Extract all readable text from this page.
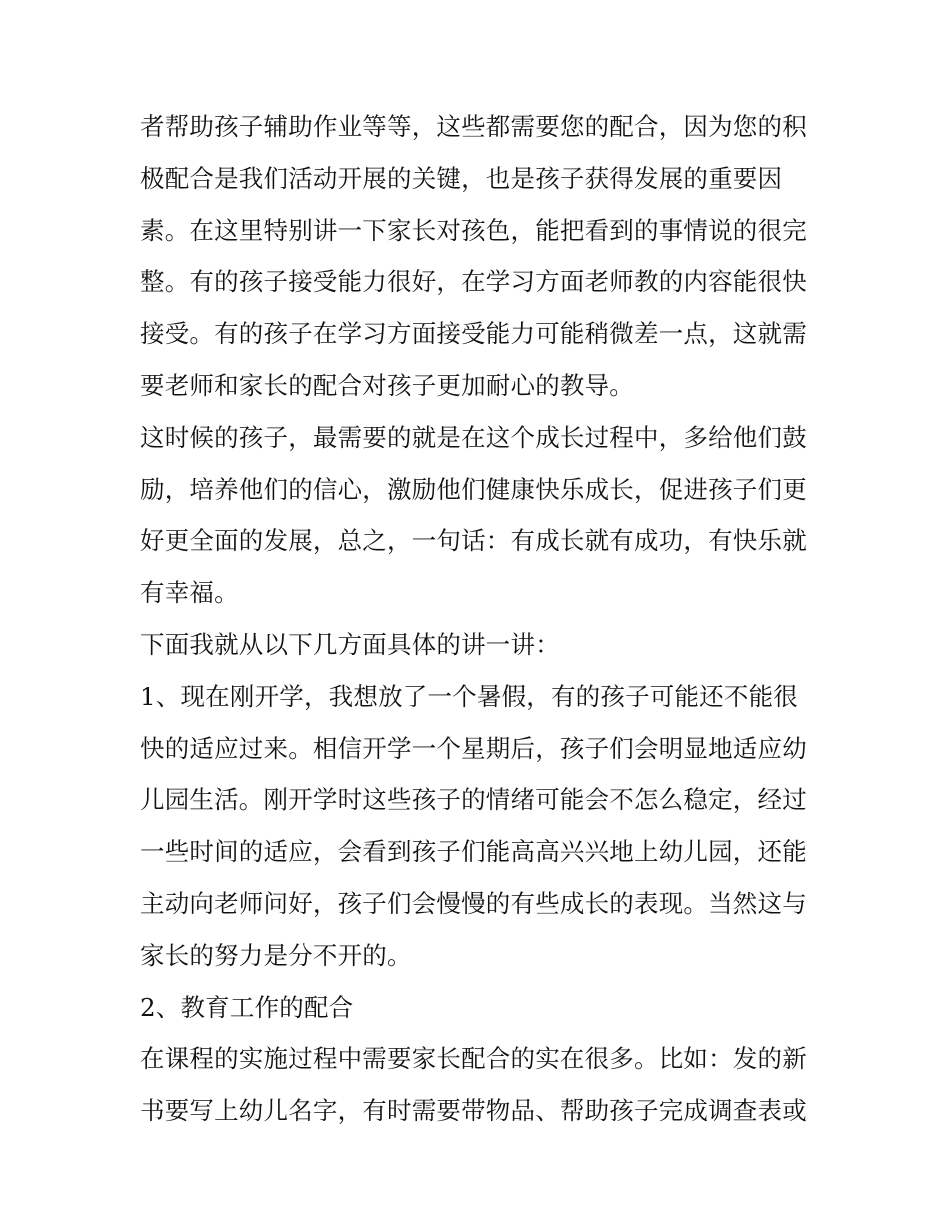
者帮助孩子辅助作业等等，这些都需要您的配合，因为您的积
极配合是我们活动开展的关键，也是孩子获得发展的重要因
素。在这里特别讲一下家长对孩色，能把看到的事情说的很完
整。有的孩子接受能力很好，在学习方面老师教的内容能很快
接受。有的孩子在学习方面接受能力可能稍微差一点，这就需
要老师和家长的配合对孩子更加耐心的教导。
这时候的孩子，最需要的就是在这个成长过程中，多给他们鼓
励，培养他们的信心，激励他们健康快乐成长，促进孩子们更
好更全面的发展，总之，一句话：有成长就有成功，有快乐就
有幸福。
下面我就从以下几方面具体的讲一讲：
1、现在刚开学，我想放了一个暑假，有的孩子可能还不能很
快的适应过来。相信开学一个星期后，孩子们会明显地适应幼
儿园生活。刚开学时这些孩子的情绪可能会不怎么稳定，经过
一些时间的适应，会看到孩子们能高高兴兴地上幼儿园，还能
主动向老师问好，孩子们会慢慢的有些成长的表现。当然这与
家长的努力是分不开的。
2、教育工作的配合
在课程的实施过程中需要家长配合的实在很多。比如：发的新
书要写上幼儿名字，有时需要带物品、帮助孩子完成调查表或
